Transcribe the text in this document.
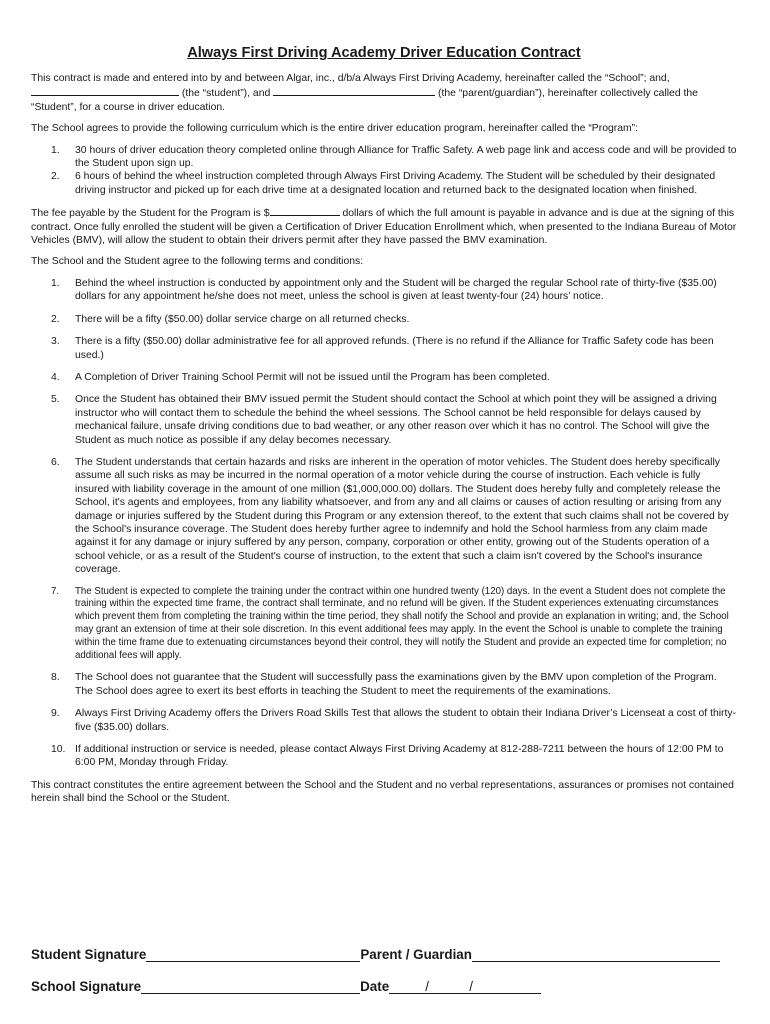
Always First Driving Academy Driver Education Contract

This contract is made and entered into by and between Algar, inc., d/b/a Always First Driving Academy, hereinafter called the “School”; and,
(the “student”), and	(the “parent/guardian”), hereinafter collectively called the “Student”, for a course in driver education.

The School agrees to provide the following curriculum which is the entire driver education program, hereinafter called the “Program”:

1. 30 hours of driver education theory completed online through Alliance for Traffic Safety. A web page link and access code and will be provided to the Student upon sign up.
2. 6 hours of behind the wheel instruction completed through Always First Driving Academy. The Student will be scheduled by their designated driving instructor and picked up for each drive time at a designated location and returned back to the designated location when finished.

The fee payable by the Student for the Program is $	dollars of which the full amount is payable in advance and is due at the signing of this contract. Once fully enrolled the student will be given a Certification of Driver Education Enrollment which, when presented to the Indiana Bureau of Motor Vehicles (BMV), will allow the student to obtain their drivers permit after they have passed the BMV examination.

The School and the Student agree to the following terms and conditions:

1. Behind the wheel instruction is conducted by appointment only and the Student will be charged the regular School rate of thirty-five ($35.00) dollars for any appointment he/she does not meet, unless the school is given at least twenty-four (24) hours’ notice.
2. There will be a fifty ($50.00) dollar service charge on all returned checks.
3. There is a fifty ($50.00) dollar administrative fee for all approved refunds. (There is no refund if the Alliance for Traffic Safety code has been used.)
4. A Completion of Driver Training School Permit will not be issued until the Program has been completed.
5. Once the Student has obtained their BMV issued permit the Student should contact the School at which point they will be assigned a driving instructor who will contact them to schedule the behind the wheel sessions. The School cannot be held responsible for delays caused by mechanical failure, unsafe driving conditions due to bad weather, or any other reason over which it has no control. The School will give the Student as much notice as possible if any delay becomes necessary.
6. The Student understands that certain hazards and risks are inherent in the operation of motor vehicles. The Student does hereby specifically assume all such risks as may be incurred in the normal operation of a motor vehicle during the course of instruction. Each vehicle is fully insured with liability coverage in the amount of one million ($1,000,000.00) dollars. The Student does hereby fully and completely release the School, it's agents and employees, from any liability whatsoever, and from any and all claims or causes of action resulting or arising from any damage or injuries suffered by the Student during this Program or any extension thereof, to the extent that such claims shall not be covered by the School's insurance coverage. The Student does hereby further agree to indemnify and hold the School harmless from any claim made against it for any damage or injury suffered by any person, company, corporation or other entity, growing out of the Students operation of a school vehicle, or as a result of the Student's course of instruction, to the extent that such a claim isn't covered by the School's insurance coverage.
7. The Student is expected to complete the training under the contract within one hundred twenty (120) days. In the event a Student does not complete the training within the expected time frame, the contract shall terminate, and no refund will be given. If the Student experiences extenuating circumstances which prevent them from completing the training within the time period, they shall notify the School and provide an explanation in writing; and, the School may grant an extension of time at their sole discretion. In this event additional fees may apply. In the event the School is unable to complete the training within the time frame due to extenuating circumstances beyond their control, they will notify the Student and provide an expected time for completion; no additional fees will apply.
8. The School does not guarantee that the Student will successfully pass the examinations given by the BMV upon completion of the Program. The School does agree to exert its best efforts in teaching the Student to meet the requirements of the examinations.
9. Always First Driving Academy offers the Drivers Road Skills Test that allows the student to obtain their Indiana Driver’s Licenseat a cost of thirty-five ($35.00) dollars.
10. If additional instruction or service is needed, please contact Always First Driving Academy at 812-288-7211 between the hours of 12:00 PM to 6:00 PM, Monday through Friday.

This contract constitutes the entire agreement between the School and the Student and no verbal representations, assurances or promises not contained herein shall bind the School or the Student.

Student Signature	Parent / Guardian
School Signature	Date	/	/
